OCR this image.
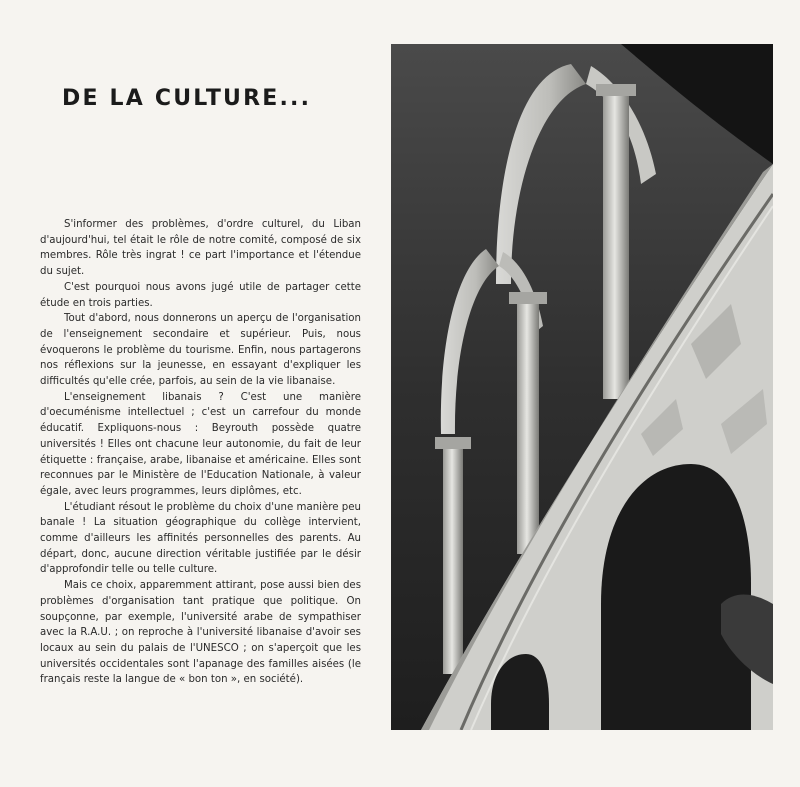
DE LA CULTURE...

S'informer des problèmes, d'ordre culturel, du Liban d'aujourd'hui, tel était le rôle de notre comité, composé de six membres. Rôle très ingrat ! ce part l'importance et l'étendue du sujet.

C'est pourquoi nous avons jugé utile de partager cette étude en trois parties.

Tout d'abord, nous donnerons un aperçu de l'organisation de l'enseignement secondaire et supérieur. Puis, nous évoquerons le problème du tourisme. Enfin, nous partagerons nos réflexions sur la jeunesse, en essayant d'expliquer les difficultés qu'elle crée, parfois, au sein de la vie libanaise.

L'enseignement libanais ? C'est une manière d'oecuménisme intellectuel ; c'est un carrefour du monde éducatif. Expliquons-nous : Beyrouth possède quatre universités ! Elles ont chacune leur autonomie, du fait de leur étiquette : française, arabe, libanaise et américaine. Elles sont reconnues par le Ministère de l'Education Nationale, à valeur égale, avec leurs programmes, leurs diplômes, etc.

L'étudiant résout le problème du choix d'une manière peu banale ! La situation géographique du collège intervient, comme d'ailleurs les affinités personnelles des parents. Au départ, donc, aucune direction véritable justifiée par le désir d'approfondir telle ou telle culture.

Mais ce choix, apparemment attirant, pose aussi bien des problèmes d'organisation tant pratique que politique. On soupçonne, par exemple, l'université arabe de sympathiser avec la R.A.U. ; on reproche à l'université libanaise d'avoir ses locaux au sein du palais de l'UNESCO ; on s'aperçoit que les universités occidentales sont l'apanage des familles aisées (le français reste la langue de « bon ton », en société).
